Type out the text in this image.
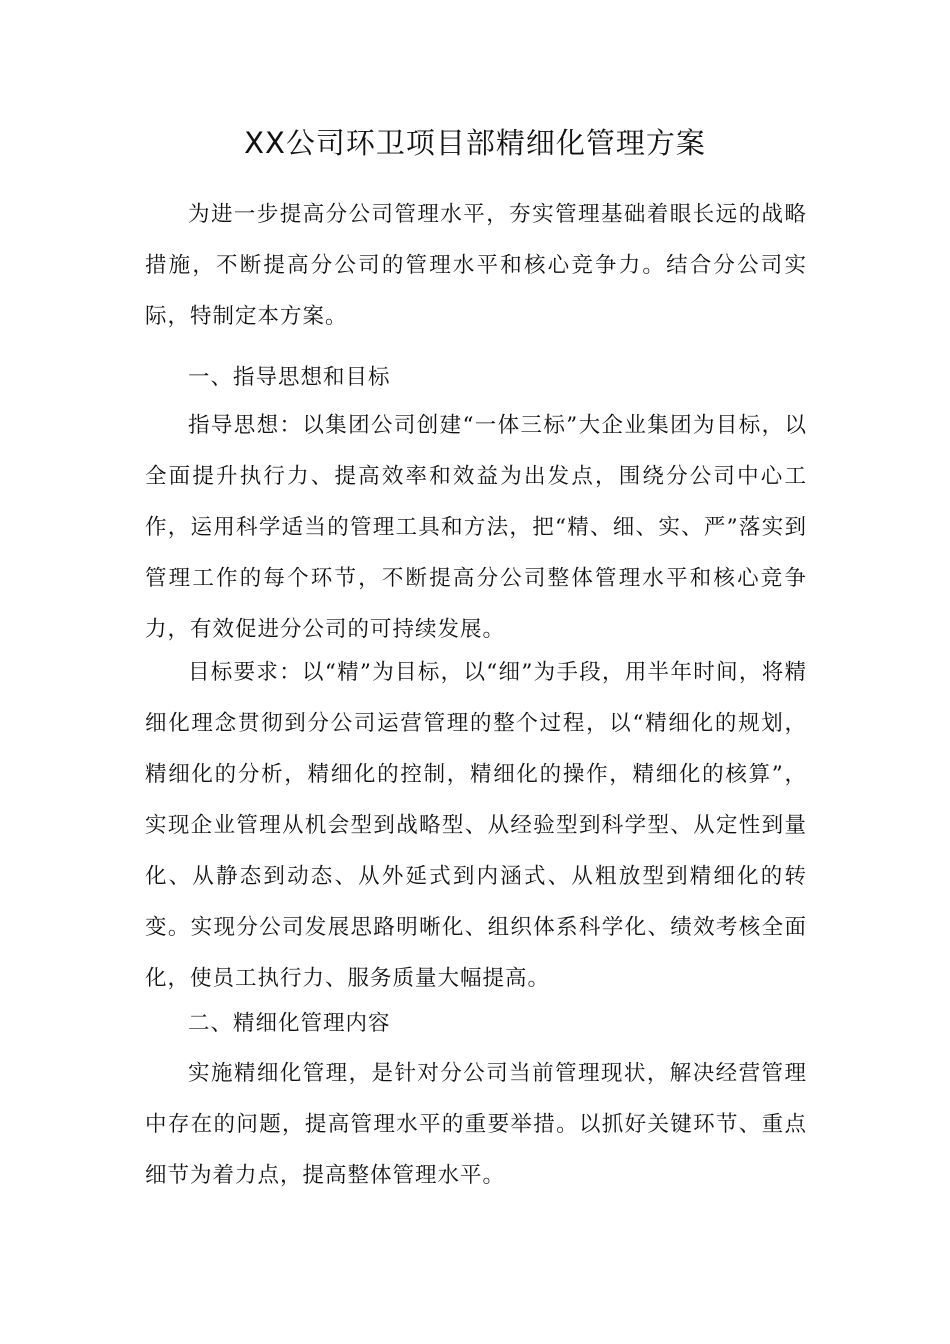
XX公司环卫项目部精细化管理方案

为进一步提高分公司管理水平，夯实管理基础着眼长远的战略措施，不断提高分公司的管理水平和核心竞争力。结合分公司实际，特制定本方案。

一、指导思想和目标

指导思想：以集团公司创建“一体三标”大企业集团为目标，以全面提升执行力、提高效率和效益为出发点，围绕分公司中心工作，运用科学适当的管理工具和方法，把“精、细、实、严”落实到管理工作的每个环节，不断提高分公司整体管理水平和核心竞争力，有效促进分公司的可持续发展。

目标要求：以“精”为目标，以“细”为手段，用半年时间，将精细化理念贯彻到分公司运营管理的整个过程，以“精细化的规划，精细化的分析，精细化的控制，精细化的操作，精细化的核算”，实现企业管理从机会型到战略型、从经验型到科学型、从定性到量化、从静态到动态、从外延式到内涵式、从粗放型到精细化的转变。实现分公司发展思路明晰化、组织体系科学化、绩效考核全面化，使员工执行力、服务质量大幅提高。

二、精细化管理内容

实施精细化管理，是针对分公司当前管理现状，解决经营管理中存在的问题，提高管理水平的重要举措。以抓好关键环节、重点细节为着力点，提高整体管理水平。
